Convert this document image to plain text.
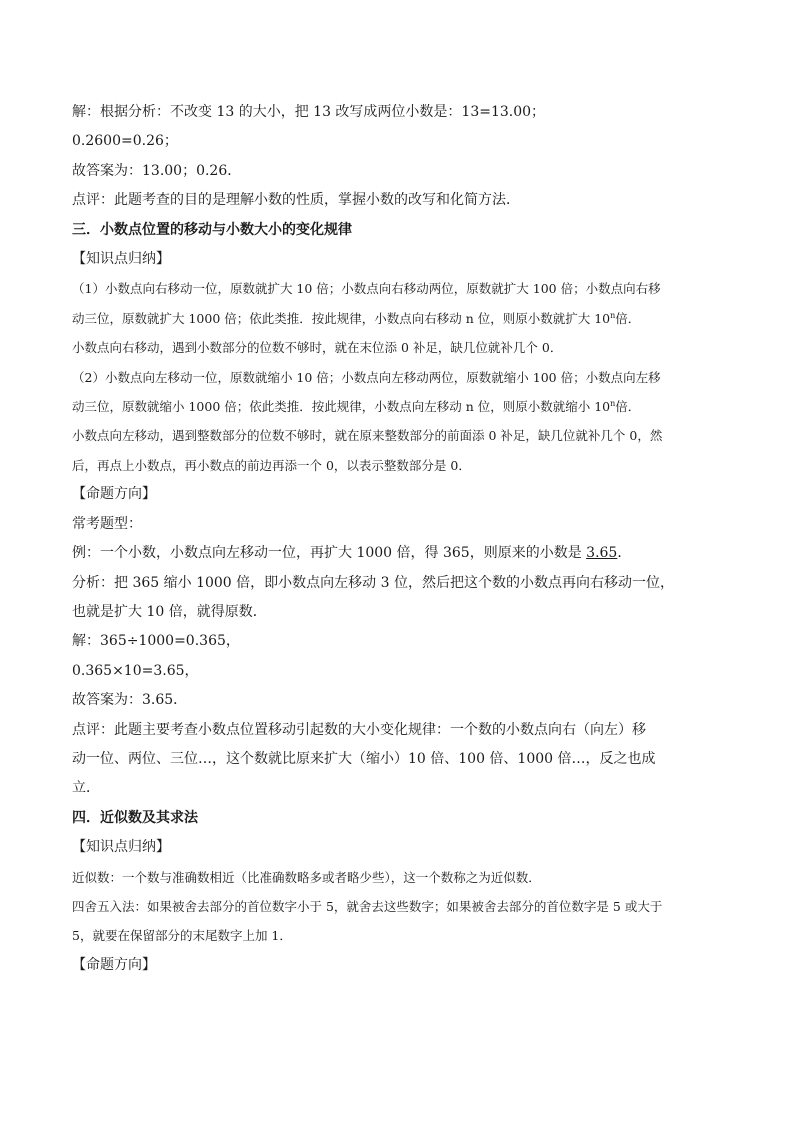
解：根据分析：不改变 13 的大小，把 13 改写成两位小数是：13=13.00；
0.2600=0.26；
故答案为：13.00；0.26．
点评：此题考查的目的是理解小数的性质，掌握小数的改写和化简方法．
三．小数点位置的移动与小数大小的变化规律
【知识点归纳】
（1）小数点向右移动一位，原数就扩大 10 倍；小数点向右移动两位，原数就扩大 100 倍；小数点向右移
动三位，原数就扩大 1000 倍；依此类推．按此规律，小数点向右移动 n 位，则原小数就扩大 10$^n$倍．
小数点向右移动，遇到小数部分的位数不够时，就在末位添 0 补足，缺几位就补几个 0．
（2）小数点向左移动一位，原数就缩小 10 倍；小数点向左移动两位，原数就缩小 100 倍；小数点向左移
动三位，原数就缩小 1000 倍；依此类推．按此规律，小数点向左移动 n 位，则原小数就缩小 10$^n$倍．
小数点向左移动，遇到整数部分的位数不够时，就在原来整数部分的前面添 0 补足，缺几位就补几个 0，然
后，再点上小数点，再小数点的前边再添一个 0，以表示整数部分是 0．
【命题方向】
常考题型：
例：一个小数，小数点向左移动一位，再扩大 1000 倍，得 365，则原来的小数是 3.65．
分析：把 365 缩小 1000 倍，即小数点向左移动 3 位，然后把这个数的小数点再向右移动一位，
也就是扩大 10 倍，就得原数．
解：365÷1000=0.365，
0.365×10=3.65，
故答案为：3.65．
点评：此题主要考查小数点位置移动引起数的大小变化规律：一个数的小数点向右（向左）移
动一位、两位、三位…，这个数就比原来扩大（缩小）10 倍、100 倍、1000 倍…，反之也成
立．
四．近似数及其求法
【知识点归纳】
近似数：一个数与准确数相近（比准确数略多或者略少些），这一个数称之为近似数．
四舍五入法：如果被舍去部分的首位数字小于 5，就舍去这些数字；如果被舍去部分的首位数字是 5 或大于
5，就要在保留部分的末尾数字上加 1．
【命题方向】
